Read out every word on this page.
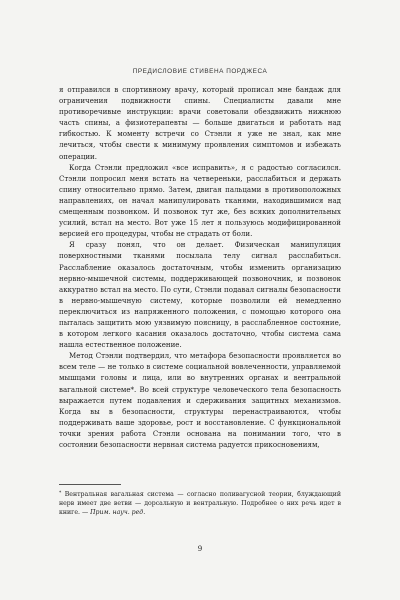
ПРЕДИСЛОВИЕ СТИВЕНА ПОРДЖЕСА

я отправился в спортивному врачу, который прописал мне бандаж для ограничения подвижности спины. Специалисты давали мне противоречивые инструкции: врачи советовали обездвижить нижнюю часть спины, а физиотерапевты — больше двигаться и работать над гибкостью. К моменту встречи со Стэнли я уже не знал, как мне лечиться, чтобы свести к минимуму проявления симптомов и избежать операции.

Когда Стэнли предложил «все исправить», я с радостью согласился. Стэнли попросил меня встать на четвереньки, расслабиться и держать спину относительно прямо. Затем, двигая пальцами в противоположных направлениях, он начал манипулировать тканями, находившимися над смещенным позвонком. И позвонок тут же, без всяких дополнительных усилий, встал на место. Вот уже 15 лет я пользуюсь модифицированной версией его процедуры, чтобы не страдать от боли.

Я сразу понял, что он делает. Физическая манипуляция поверхностными тканями посылала телу сигнал расслабиться. Расслабление оказалось достаточным, чтобы изменить организацию нервно-мышечной системы, поддерживающей позвоночник, и позвонок аккуратно встал на место. По сути, Стэнли подавал сигналы безопасности в нервно-мышечную систему, которые позволили ей немедленно переключиться из напряженного положения, с помощью которого она пыталась защитить мою уязвимую поясницу, в расслабленное состояние, в котором легкого касания оказалось достаточно, чтобы система сама нашла естественное положение.

Метод Стэнли подтвердил, что метафора безопасности проявляется во всем теле — не только в системе социальной вовлеченности, управляемой мышцами головы и лица, или во внутренних органах и вентральной вагальной системе*. Во всей структуре человеческого тела безопасность выражается путем подавления и сдерживания защитных механизмов. Когда вы в безопасности, структуры перенастраиваются, чтобы поддерживать ваше здоровье, рост и восстановление. С функциональной точки зрения работа Стэнли основана на понимании того, что в состоянии безопасности нервная система радуется прикосновениям,

* Вентральная вагальная система — согласно поливагусной теории, блуждающий нерв имеет две ветви — дорсальную и вентральную. Подробнее о них речь идет в книге. — Прим. науч. ред.
9
